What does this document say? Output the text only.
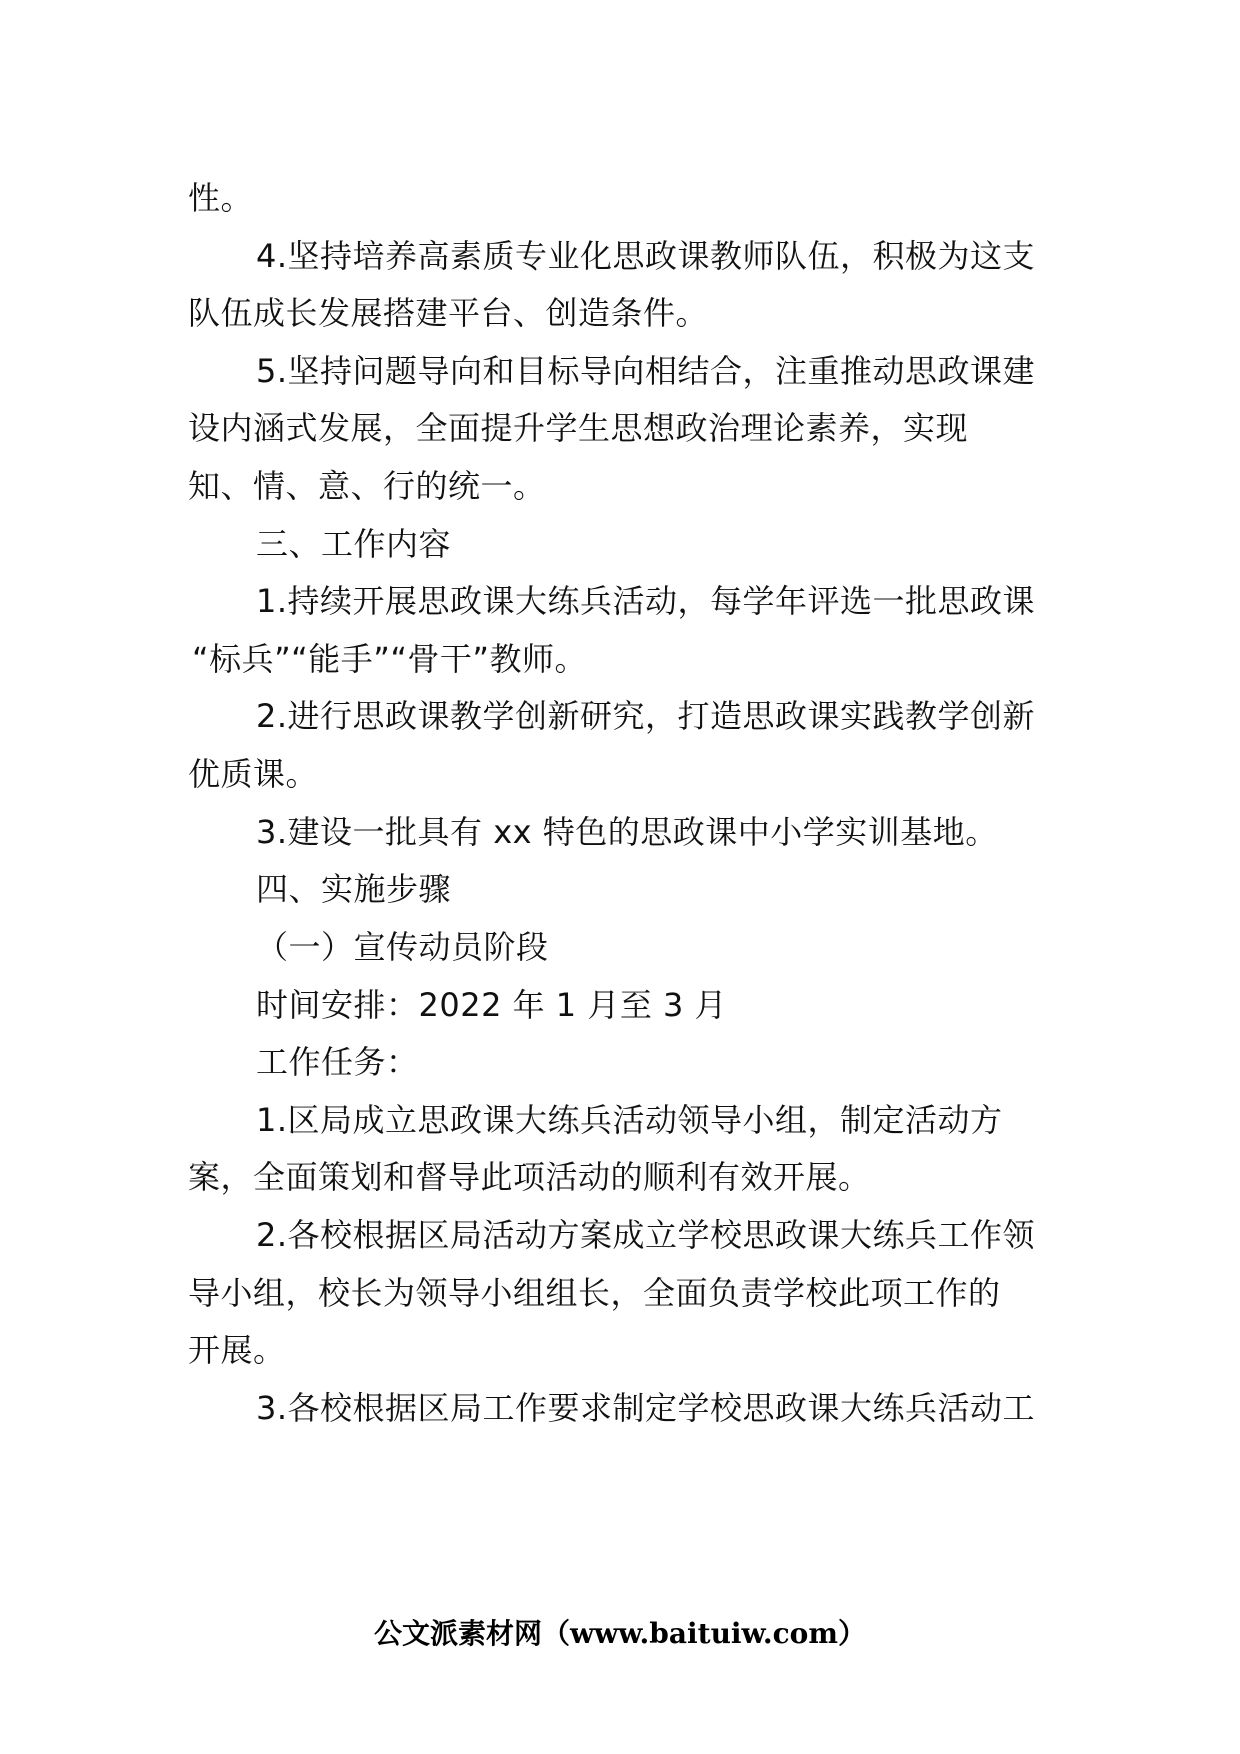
性。
4.坚持培养高素质专业化思政课教师队伍，积极为这支
队伍成长发展搭建平台、创造条件。
5.坚持问题导向和目标导向相结合，注重推动思政课建
设内涵式发展，全面提升学生思想政治理论素养，实现
知、情、意、行的统一。
三、工作内容
1.持续开展思政课大练兵活动，每学年评选一批思政课
“标兵”“能手”“骨干”教师。
2.进行思政课教学创新研究，打造思政课实践教学创新
优质课。
3.建设一批具有 xx 特色的思政课中小学实训基地。
四、实施步骤
（一）宣传动员阶段
时间安排：2022 年 1 月至 3 月
工作任务：
1.区局成立思政课大练兵活动领导小组，制定活动方
案，全面策划和督导此项活动的顺利有效开展。
2.各校根据区局活动方案成立学校思政课大练兵工作领
导小组，校长为领导小组组长，全面负责学校此项工作的
开展。
3.各校根据区局工作要求制定学校思政课大练兵活动工
公文派素材网（www.baituiw.com）
